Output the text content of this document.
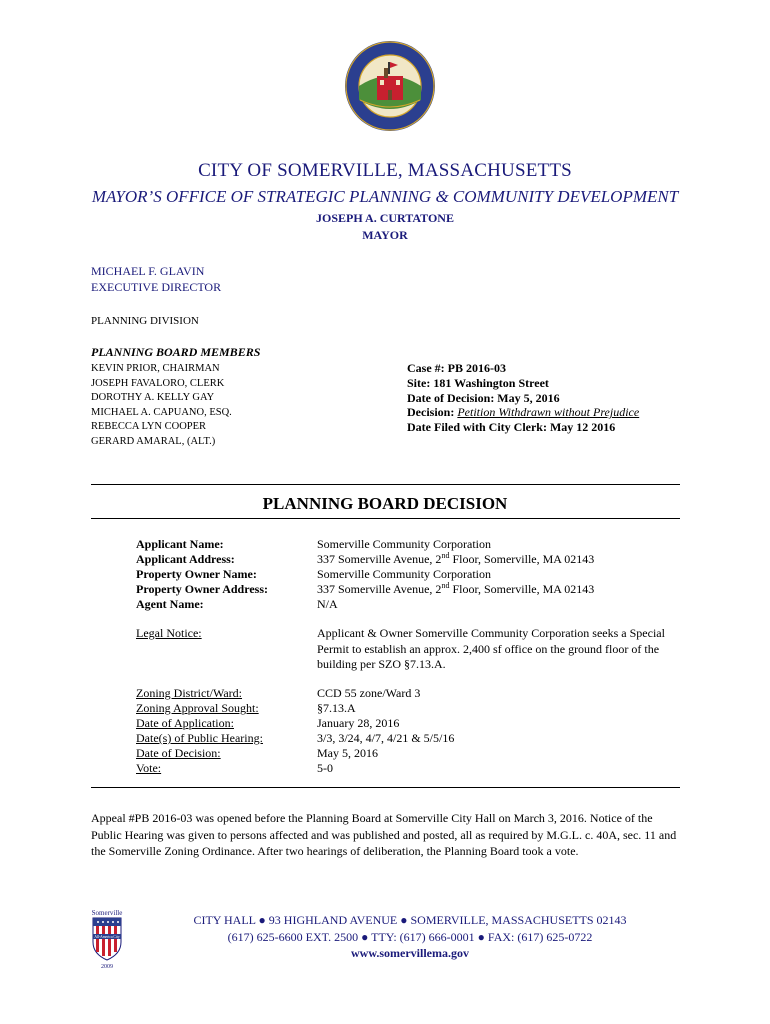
CITY OF SOMERVILLE, MASSACHUSETTS
MAYOR’S OFFICE OF STRATEGIC PLANNING & COMMUNITY DEVELOPMENT
JOSEPH A. CURTATONE
MAYOR
MICHAEL F. GLAVIN
EXECUTIVE DIRECTOR
PLANNING DIVISION
PLANNING BOARD MEMBERS
KEVIN PRIOR, CHAIRMAN
JOSEPH FAVALORO, CLERK
DOROTHY A. KELLY GAY
MICHAEL A. CAPUANO, ESQ.
REBECCA LYN COOPER
GERARD AMARAL, (ALT.)
Case #: PB 2016-03
Site: 181 Washington Street
Date of Decision: May 5, 2016
Decision: Petition Withdrawn without Prejudice
Date Filed with City Clerk: May 12 2016
PLANNING BOARD DECISION
Applicant Name:
Applicant Address:
Property Owner Name:
Property Owner Address:
Agent Name:
Somerville Community Corporation
337 Somerville Avenue, 2nd Floor, Somerville, MA 02143
Somerville Community Corporation
337 Somerville Avenue, 2nd Floor, Somerville, MA 02143
N/A
Legal Notice:	Applicant & Owner Somerville Community Corporation seeks a Special Permit to establish an approx. 2,400 sf office on the ground floor of the building per SZO §7.13.A.
Zoning District/Ward:
Zoning Approval Sought:
Date of Application:
Date(s) of Public Hearing:
Date of Decision:
Vote:
CCD 55 zone/Ward 3
§7.13.A
January 28, 2016
3/3, 3/24, 4/7, 4/21 & 5/5/16
May 5, 2016
5-0
Appeal #PB 2016-03 was opened before the Planning Board at Somerville City Hall on March 3, 2016. Notice of the Public Hearing was given to persons affected and was published and posted, all as required by M.G.L. c. 40A, sec. 11 and the Somerville Zoning Ordinance. After two hearings of deliberation, the Planning Board took a vote.
Somerville
All-America City
2009
CITY HALL ● 93 HIGHLAND AVENUE ● SOMERVILLE, MASSACHUSETTS 02143
(617) 625-6600 EXT. 2500 ● TTY: (617) 666-0001 ● FAX: (617) 625-0722
www.somervillema.gov
